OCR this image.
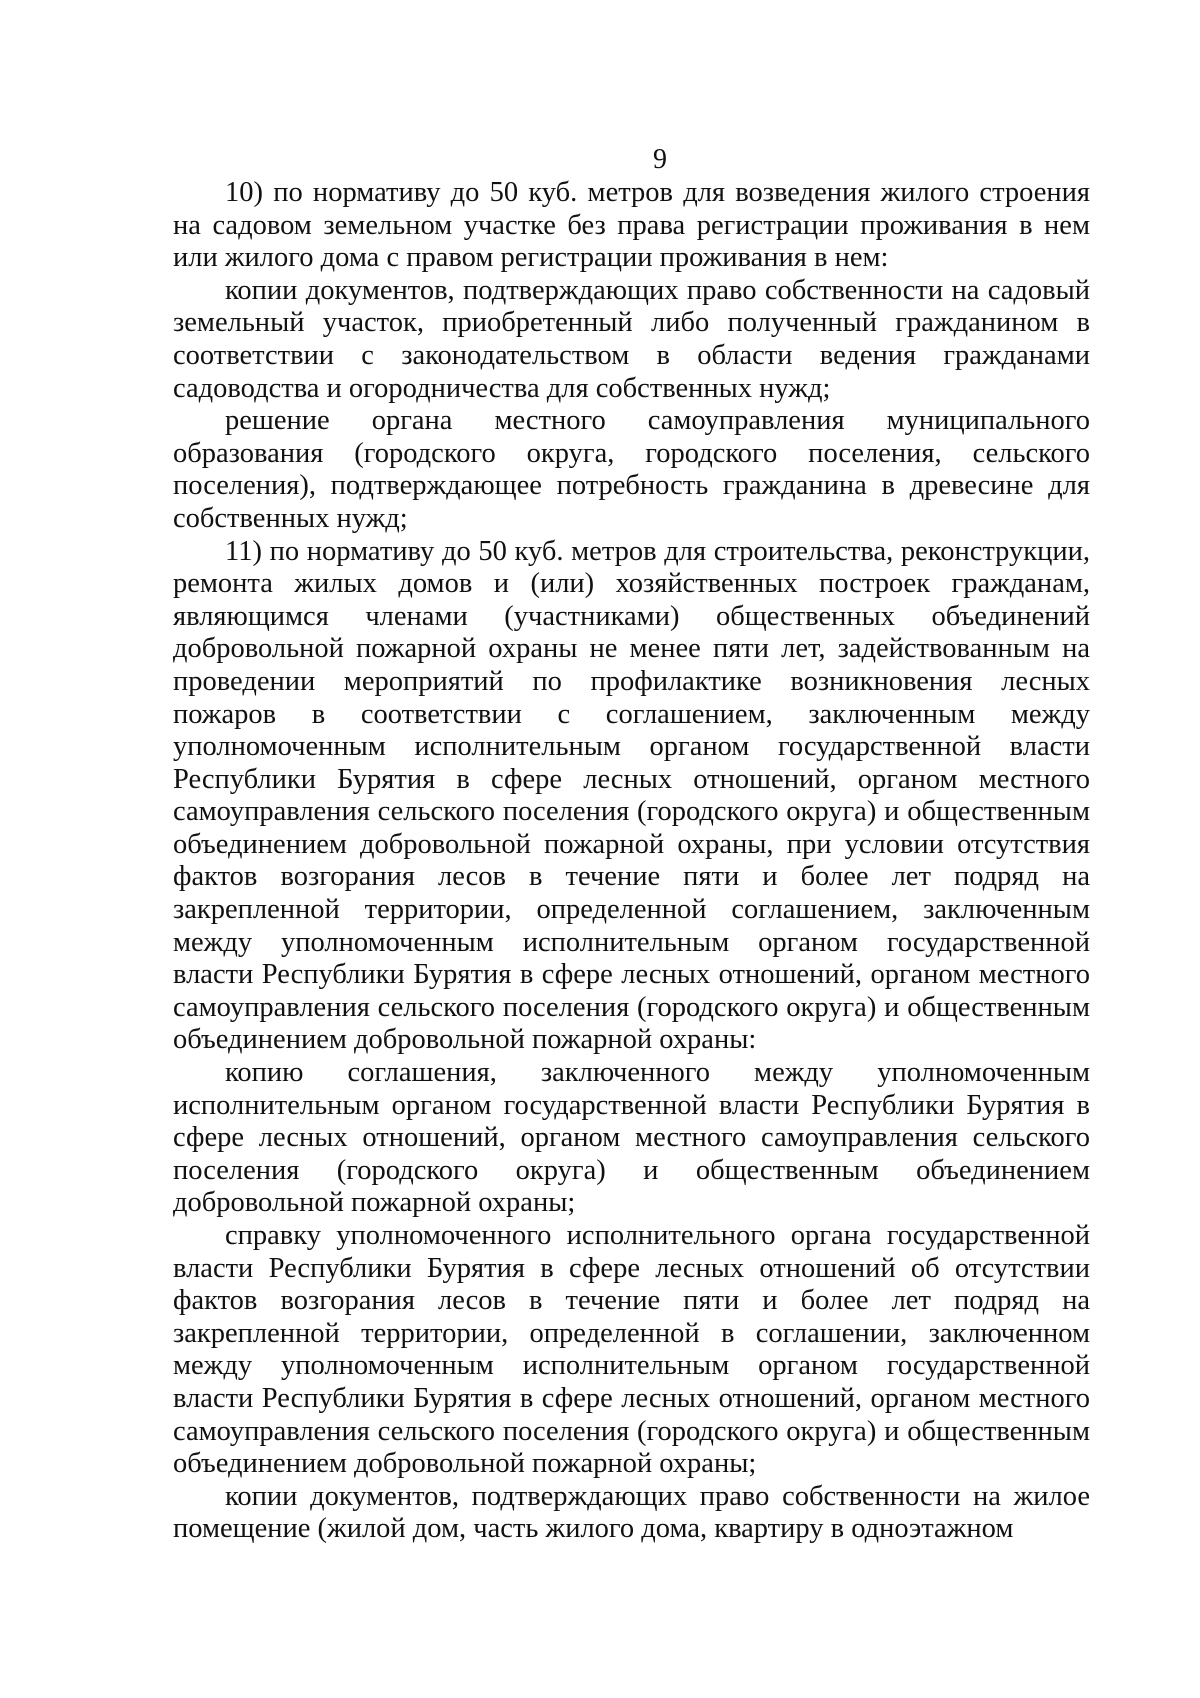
9

10) по нормативу до 50 куб. метров для возведения жилого строения на садовом земельном участке без права регистрации проживания в нем или жилого дома с правом регистрации проживания в нем:

копии документов, подтверждающих право собственности на садовый земельный участок, приобретенный либо полученный гражданином в соответствии с законодательством в области ведения гражданами садоводства и огородничества для собственных нужд;

решение органа местного самоуправления муниципального образования (городского округа, городского поселения, сельского поселения), подтверждающее потребность гражданина в древесине для собственных нужд;

11) по нормативу до 50 куб. метров для строительства, реконструкции, ремонта жилых домов и (или) хозяйственных построек гражданам, являющимся членами (участниками) общественных объединений добровольной пожарной охраны не менее пяти лет, задействованным на проведении мероприятий по профилактике возникновения лесных пожаров в соответствии с соглашением, заключенным между уполномоченным исполнительным органом государственной власти Республики Бурятия в сфере лесных отношений, органом местного самоуправления сельского поселения (городского округа) и общественным объединением добровольной пожарной охраны, при условии отсутствия фактов возгорания лесов в течение пяти и более лет подряд на закрепленной территории, определенной соглашением, заключенным между уполномоченным исполнительным органом государственной власти Республики Бурятия в сфере лесных отношений, органом местного самоуправления сельского поселения (городского округа) и общественным объединением добровольной пожарной охраны:

копию соглашения, заключенного между уполномоченным исполнительным органом государственной власти Республики Бурятия в сфере лесных отношений, органом местного самоуправления сельского поселения (городского округа) и общественным объединением добровольной пожарной охраны;

справку уполномоченного исполнительного органа государственной власти Республики Бурятия в сфере лесных отношений об отсутствии фактов возгорания лесов в течение пяти и более лет подряд на закрепленной территории, определенной в соглашении, заключенном между уполномоченным исполнительным органом государственной власти Республики Бурятия в сфере лесных отношений, органом местного самоуправления сельского поселения (городского округа) и общественным объединением добровольной пожарной охраны;

копии документов, подтверждающих право собственности на жилое помещение (жилой дом, часть жилого дома, квартиру в одноэтажном
